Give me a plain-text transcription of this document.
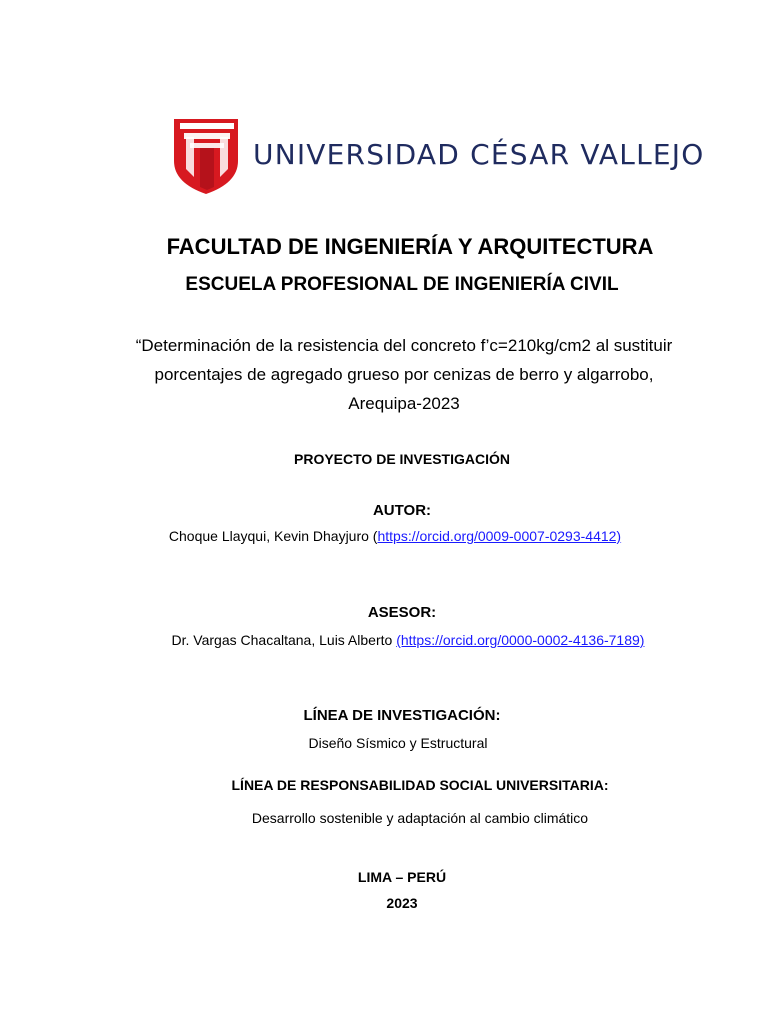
UNIVERSIDAD CÉSAR VALLEJO
FACULTAD DE INGENIERÍA Y ARQUITECTURA
ESCUELA PROFESIONAL DE INGENIERÍA CIVIL
“Determinación de la resistencia del concreto f’c=210kg/cm2 al sustituir
porcentajes de agregado grueso por cenizas de berro y algarrobo,
Arequipa-2023
PROYECTO DE INVESTIGACIÓN
AUTOR:
Choque Llayqui, Kevin Dhayjuro (https://orcid.org/0009-0007-0293-4412)
ASESOR:
Dr. Vargas Chacaltana, Luis Alberto (https://orcid.org/0000-0002-4136-7189)
LÍNEA DE INVESTIGACIÓN:
Diseño Sísmico y Estructural
LÍNEA DE RESPONSABILIDAD SOCIAL UNIVERSITARIA:
Desarrollo sostenible y adaptación al cambio climático
LIMA – PERÚ
2023
